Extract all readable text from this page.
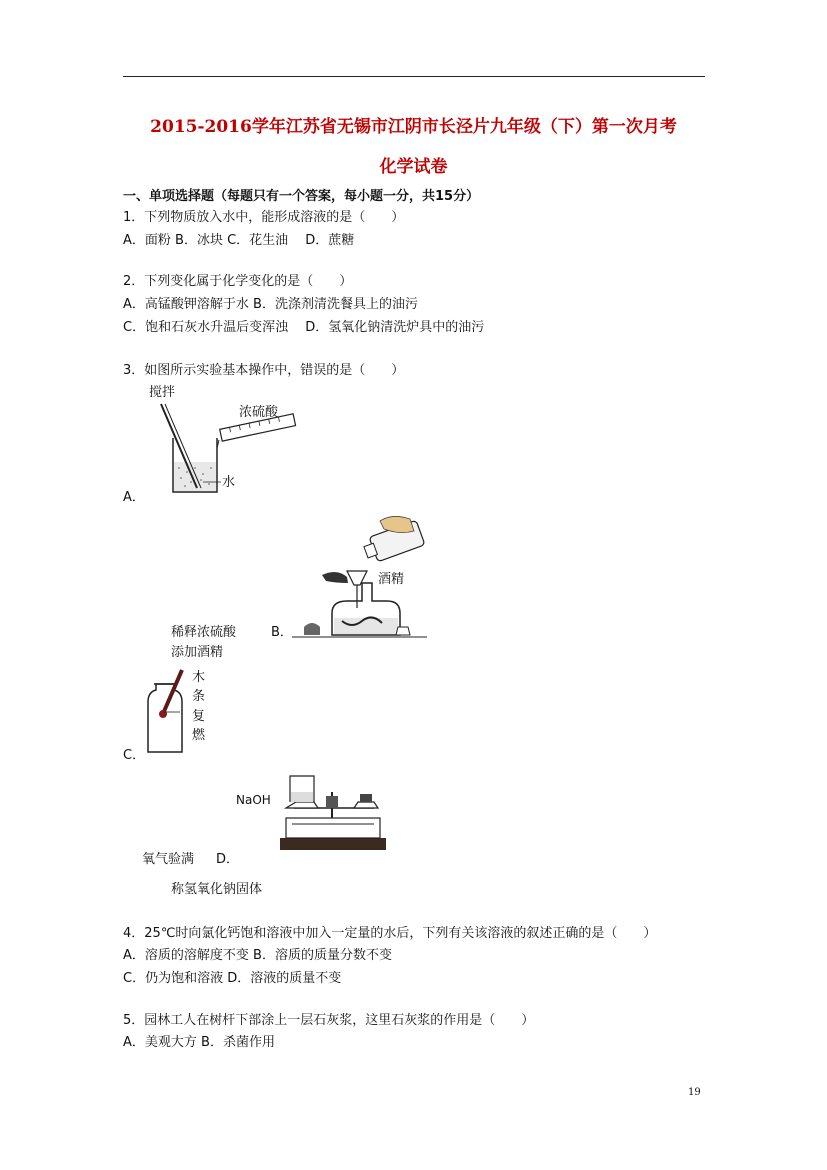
2015-2016学年江苏省无锡市江阴市长泾片九年级（下）第一次月考
化学试卷
一、单项选择题（每题只有一个答案，每小题一分，共15分）
1．下列物质放入水中，能形成溶液的是（　　）
A．面粉 B．冰块 C．花生油　 D．蔗糖
2．下列变化属于化学变化的是（　　）
A．高锰酸钾溶解于水 B．洗涤剂清洗餐具上的油污
C．饱和石灰水升温后变浑浊　 D．氢氧化钠清洗炉具中的油污
3．如图所示实验基本操作中，错误的是（　　）
搅拌
浓硫酸
水
A．
酒精
稀释浓硫酸	B．
添加酒精
木
条
复
燃
C．
NaOH
氧气验满 D．
称氢氧化钠固体
4．25℃时向氯化钙饱和溶液中加入一定量的水后，下列有关该溶液的叙述正确的是（　　）
A．溶质的溶解度不变 B．溶质的质量分数不变
C．仍为饱和溶液 D．溶液的质量不变
5．园林工人在树杆下部涂上一层石灰浆，这里石灰浆的作用是（　　）
A．美观大方 B．杀菌作用
19
